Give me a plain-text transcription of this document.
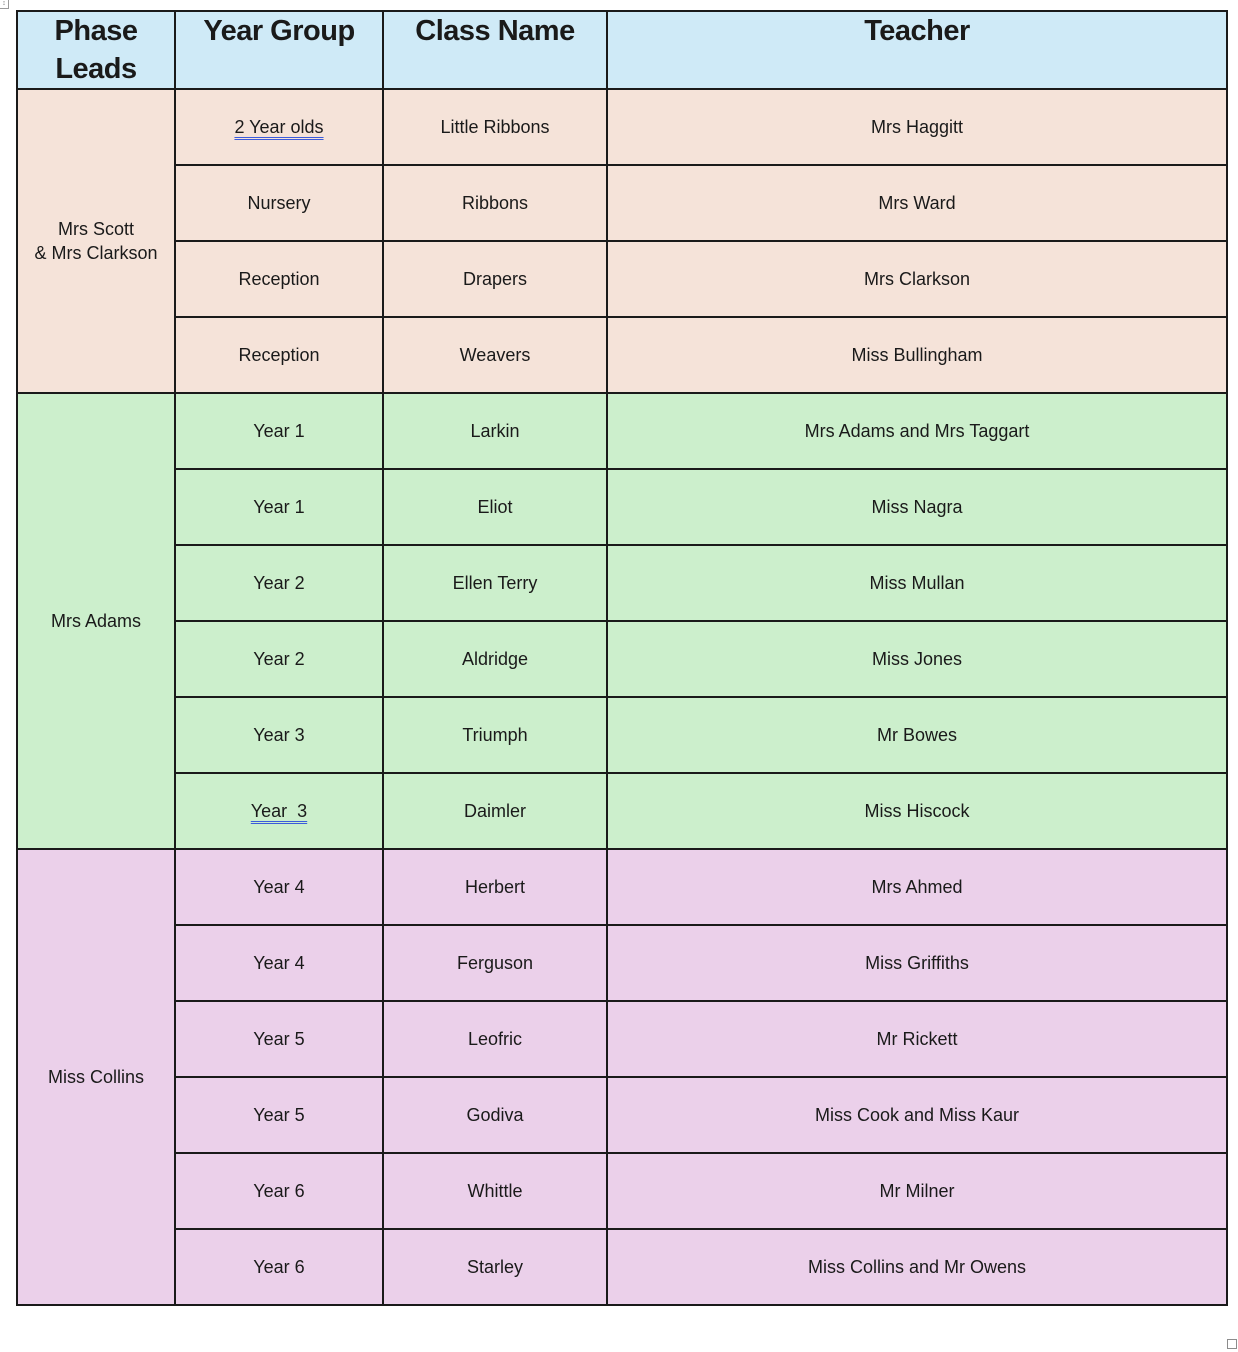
↕
Phase Leads	Year Group	Class Name	Teacher

Mrs Scott
& Mrs Clarkson	2 Year olds	Little Ribbons	Mrs Haggitt
	Nursery	Ribbons	Mrs Ward
	Reception	Drapers	Mrs Clarkson
	Reception	Weavers	Miss Bullingham
Mrs Adams	Year 1	Larkin	Mrs Adams and Mrs Taggart
	Year 1	Eliot	Miss Nagra
	Year 2	Ellen Terry	Miss Mullan
	Year 2	Aldridge	Miss Jones
	Year 3	Triumph	Mr Bowes
	Year  3	Daimler	Miss Hiscock
Miss Collins	Year 4	Herbert	Mrs Ahmed
	Year 4	Ferguson	Miss Griffiths
	Year 5	Leofric	Mr Rickett
	Year 5	Godiva	Miss Cook and Miss Kaur
	Year 6	Whittle	Mr Milner
	Year 6	Starley	Miss Collins and Mr Owens
